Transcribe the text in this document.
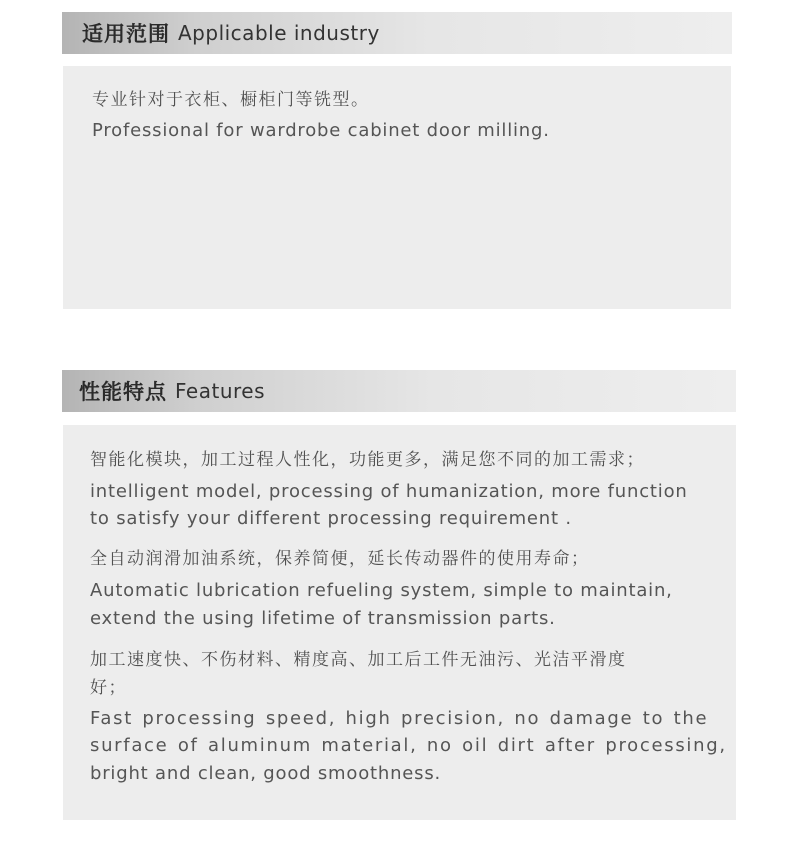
适用范围 Applicable industry
专业针对于衣柜、橱柜门等铣型。
Professional for wardrobe cabinet door milling.
性能特点 Features
智能化模块，加工过程人性化，功能更多，满足您不同的加工需求；
intelligent model, processing of humanization, more function
to satisfy your different processing requirement .
全自动润滑加油系统，保养简便，延长传动器件的使用寿命；
Automatic lubrication refueling system, simple to maintain,
extend the using lifetime of transmission parts.
加工速度快、不伤材料、精度高、加工后工件无油污、光洁平滑度
好；
Fast processing speed, high precision, no damage to the
surface of aluminum material, no oil dirt after processing,
bright and clean, good smoothness.
